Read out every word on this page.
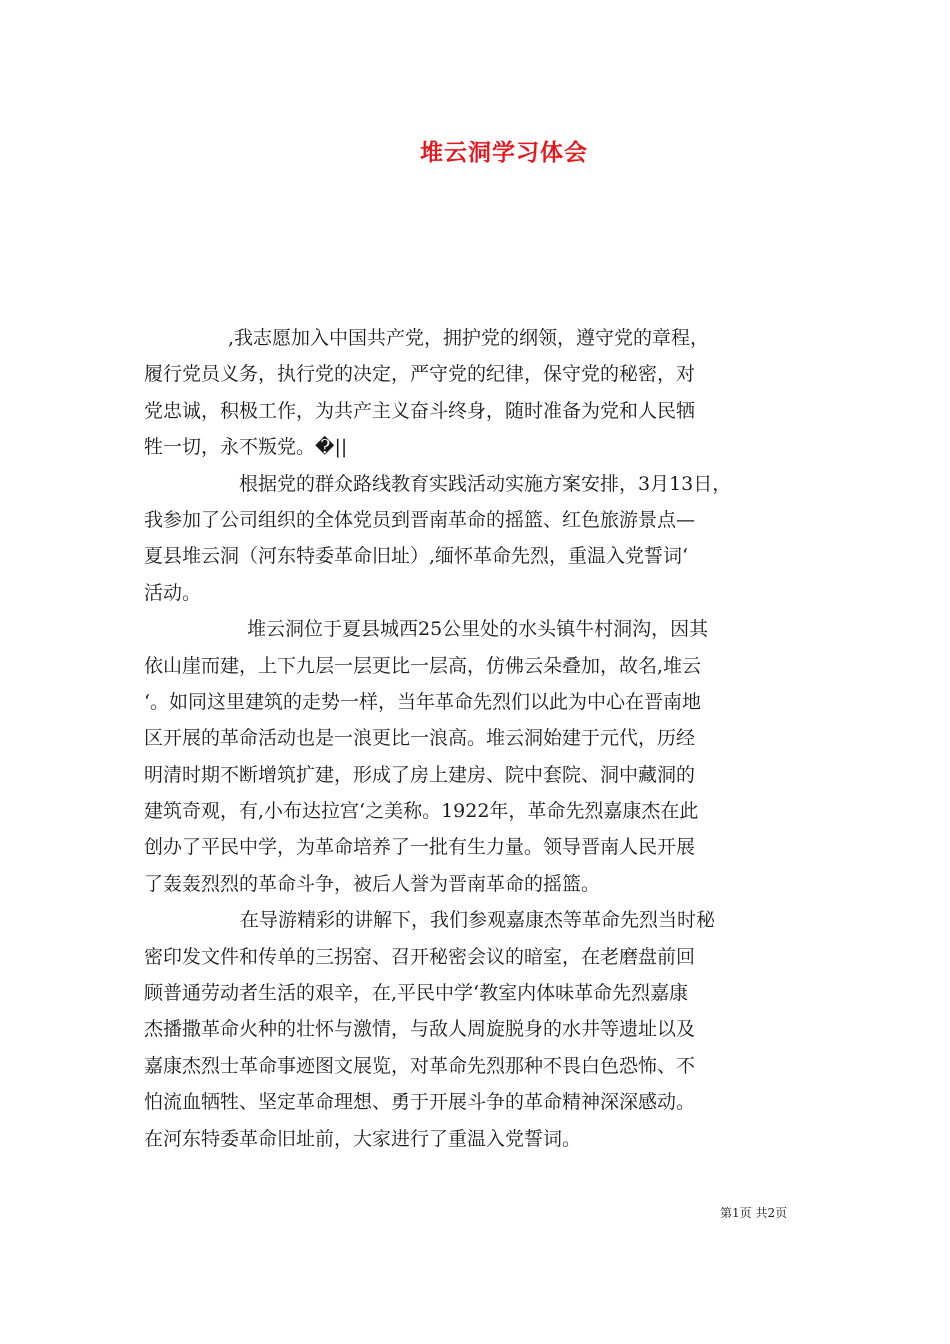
堆云洞学习体会
,我志愿加入中国共产党，拥护党的纲领，遵守党的章程，
履行党员义务，执行党的决定，严守党的纪律，保守党的秘密，对
党忠诚，积极工作，为共产主义奋斗终身，随时准备为党和人民牺
牲一切，永不叛党。�||
根据党的群众路线教育实践活动实施方案安排，3月13日，
我参加了公司组织的全体党员到晋南革命的摇篮、红色旅游景点—
夏县堆云洞（河东特委革命旧址）,缅怀革命先烈，重温入党誓词‘
活动。
堆云洞位于夏县城西25公里处的水头镇牛村洞沟，因其
依山崖而建，上下九层一层更比一层高，仿佛云朵叠加，故名,堆云
‘。如同这里建筑的走势一样，当年革命先烈们以此为中心在晋南地
区开展的革命活动也是一浪更比一浪高。堆云洞始建于元代，历经
明清时期不断增筑扩建，形成了房上建房、院中套院、洞中藏洞的
建筑奇观，有,小布达拉宫‘之美称。1922年，革命先烈嘉康杰在此
创办了平民中学，为革命培养了一批有生力量。领导晋南人民开展
了轰轰烈烈的革命斗争，被后人誉为晋南革命的摇篮。
在导游精彩的讲解下，我们参观嘉康杰等革命先烈当时秘
密印发文件和传单的三拐窑、召开秘密会议的暗室，在老磨盘前回
顾普通劳动者生活的艰辛，在,平民中学‘教室内体味革命先烈嘉康
杰播撒革命火种的壮怀与激情，与敌人周旋脱身的水井等遗址以及
嘉康杰烈士革命事迹图文展览，对革命先烈那种不畏白色恐怖、不
怕流血牺牲、坚定革命理想、勇于开展斗争的革命精神深深感动。
在河东特委革命旧址前，大家进行了重温入党誓词。
第1页 共2页
